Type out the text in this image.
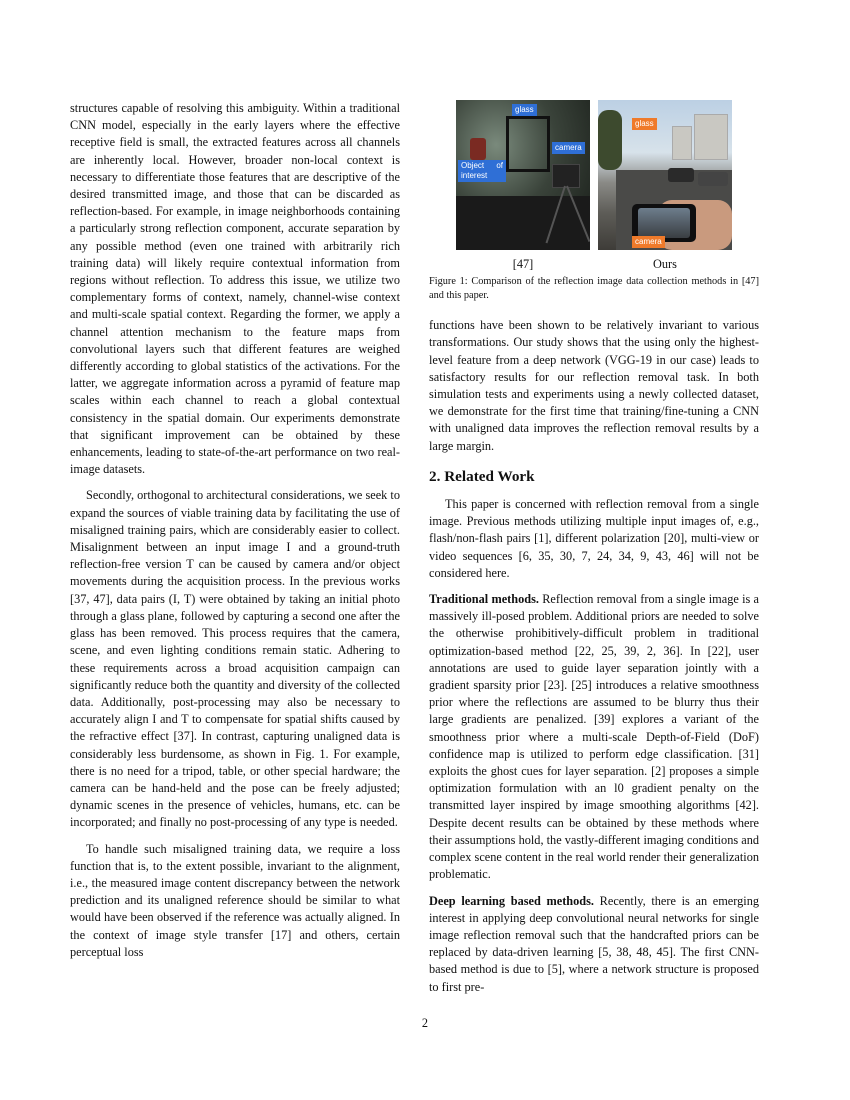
structures capable of resolving this ambiguity. Within a traditional CNN model, especially in the early layers where the effective receptive field is small, the extracted features across all channels are inherently local. However, broader non-local context is necessary to differentiate those features that are descriptive of the desired transmitted image, and those that can be discarded as reflection-based. For example, in image neighborhoods containing a particularly strong reflection component, accurate separation by any possible method (even one trained with arbitrarily rich training data) will likely require contextual information from regions without reflection. To address this issue, we utilize two complementary forms of context, namely, channel-wise context and multi-scale spatial context. Regarding the former, we apply a channel attention mechanism to the feature maps from convolutional layers such that different features are weighed differently according to global statistics of the activations. For the latter, we aggregate information across a pyramid of feature map scales within each channel to reach a global contextual consistency in the spatial domain. Our experiments demonstrate that significant improvement can be obtained by these enhancements, leading to state-of-the-art performance on two real-image datasets.

Secondly, orthogonal to architectural considerations, we seek to expand the sources of viable training data by facilitating the use of misaligned training pairs, which are considerably easier to collect. Misalignment between an input image I and a ground-truth reflection-free version T can be caused by camera and/or object movements during the acquisition process. In the previous works [37, 47], data pairs (I, T) were obtained by taking an initial photo through a glass plane, followed by capturing a second one after the glass has been removed. This process requires that the camera, scene, and even lighting conditions remain static. Adhering to these requirements across a broad acquisition campaign can significantly reduce both the quantity and diversity of the collected data. Additionally, post-processing may also be necessary to accurately align I and T to compensate for spatial shifts caused by the refractive effect [37]. In contrast, capturing unaligned data is considerably less burdensome, as shown in Fig. 1. For example, there is no need for a tripod, table, or other special hardware; the camera can be hand-held and the pose can be freely adjusted; dynamic scenes in the presence of vehicles, humans, etc. can be incorporated; and finally no post-processing of any type is needed.

To handle such misaligned training data, we require a loss function that is, to the extent possible, invariant to the alignment, i.e., the measured image content discrepancy between the network prediction and its unaligned reference should be similar to what would have been observed if the reference was actually aligned. In the context of image style transfer [17] and others, certain perceptual loss

glass
camera
Object of interest
glass
camera
[47]	Ours
Figure 1: Comparison of the reflection image data collection methods in [47] and this paper.

functions have been shown to be relatively invariant to various transformations. Our study shows that the using only the highest-level feature from a deep network (VGG-19 in our case) leads to satisfactory results for our reflection removal task. In both simulation tests and experiments using a newly collected dataset, we demonstrate for the first time that training/fine-tuning a CNN with unaligned data improves the reflection removal results by a large margin.

2. Related Work

This paper is concerned with reflection removal from a single image. Previous methods utilizing multiple input images of, e.g., flash/non-flash pairs [1], different polarization [20], multi-view or video sequences [6, 35, 30, 7, 24, 34, 9, 43, 46] will not be considered here.

Traditional methods. Reflection removal from a single image is a massively ill-posed problem. Additional priors are needed to solve the otherwise prohibitively-difficult problem in traditional optimization-based method [22, 25, 39, 2, 36]. In [22], user annotations are used to guide layer separation jointly with a gradient sparsity prior [23]. [25] introduces a relative smoothness prior where the reflections are assumed to be blurry thus their large gradients are penalized. [39] explores a variant of the smoothness prior where a multi-scale Depth-of-Field (DoF) confidence map is utilized to perform edge classification. [31] exploits the ghost cues for layer separation. [2] proposes a simple optimization formulation with an l0 gradient penalty on the transmitted layer inspired by image smoothing algorithms [42]. Despite decent results can be obtained by these methods where their assumptions hold, the vastly-different imaging conditions and complex scene content in the real world render their generalization problematic.

Deep learning based methods. Recently, there is an emerging interest in applying deep convolutional neural networks for single image reflection removal such that the handcrafted priors can be replaced by data-driven learning [5, 38, 48, 45]. The first CNN-based method is due to [5], where a network structure is proposed to first pre-

2
